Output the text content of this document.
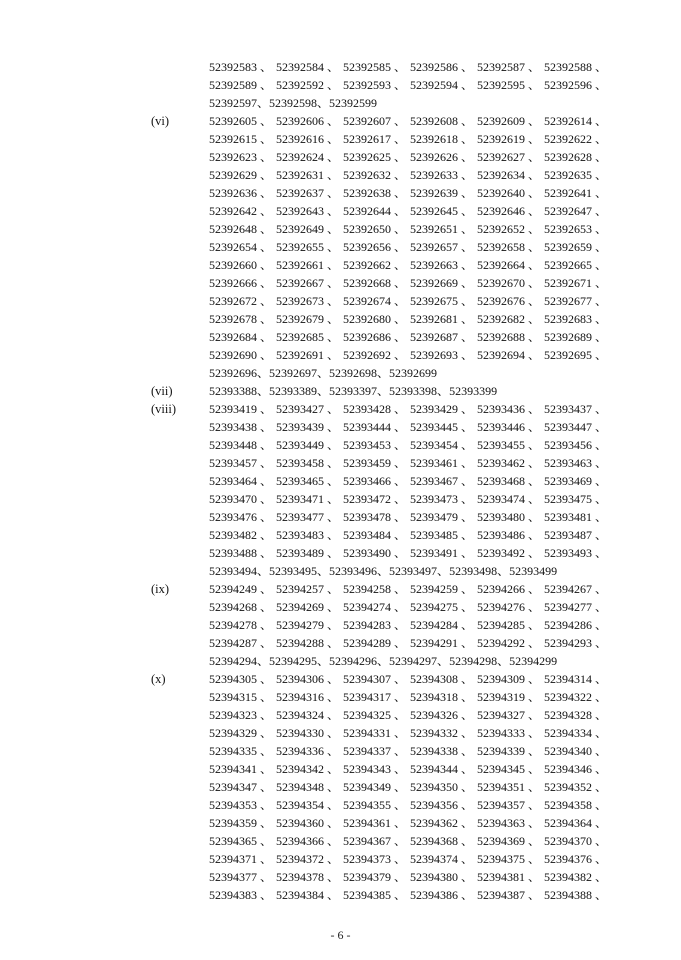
52392583 、 52392584 、 52392585 、 52392586 、 52392587 、 52392588 、
52392589 、 52392592 、 52392593 、 52392594 、 52392595 、 52392596 、
52392597、52392598、52392599
(vi)	52392605 、 52392606 、 52392607 、 52392608 、 52392609 、 52392614 、
52392615 、 52392616 、 52392617 、 52392618 、 52392619 、 52392622 、
52392623 、 52392624 、 52392625 、 52392626 、 52392627 、 52392628 、
52392629 、 52392631 、 52392632 、 52392633 、 52392634 、 52392635 、
52392636 、 52392637 、 52392638 、 52392639 、 52392640 、 52392641 、
52392642 、 52392643 、 52392644 、 52392645 、 52392646 、 52392647 、
52392648 、 52392649 、 52392650 、 52392651 、 52392652 、 52392653 、
52392654 、 52392655 、 52392656 、 52392657 、 52392658 、 52392659 、
52392660 、 52392661 、 52392662 、 52392663 、 52392664 、 52392665 、
52392666 、 52392667 、 52392668 、 52392669 、 52392670 、 52392671 、
52392672 、 52392673 、 52392674 、 52392675 、 52392676 、 52392677 、
52392678 、 52392679 、 52392680 、 52392681 、 52392682 、 52392683 、
52392684 、 52392685 、 52392686 、 52392687 、 52392688 、 52392689 、
52392690 、 52392691 、 52392692 、 52392693 、 52392694 、 52392695 、
52392696、52392697、52392698、52392699
(vii)	52393388、52393389、52393397、52393398、52393399
(viii)	52393419 、 52393427 、 52393428 、 52393429 、 52393436 、 52393437 、
52393438 、 52393439 、 52393444 、 52393445 、 52393446 、 52393447 、
52393448 、 52393449 、 52393453 、 52393454 、 52393455 、 52393456 、
52393457 、 52393458 、 52393459 、 52393461 、 52393462 、 52393463 、
52393464 、 52393465 、 52393466 、 52393467 、 52393468 、 52393469 、
52393470 、 52393471 、 52393472 、 52393473 、 52393474 、 52393475 、
52393476 、 52393477 、 52393478 、 52393479 、 52393480 、 52393481 、
52393482 、 52393483 、 52393484 、 52393485 、 52393486 、 52393487 、
52393488 、 52393489 、 52393490 、 52393491 、 52393492 、 52393493 、
52393494、52393495、52393496、52393497、52393498、52393499
(ix)	52394249 、 52394257 、 52394258 、 52394259 、 52394266 、 52394267 、
52394268 、 52394269 、 52394274 、 52394275 、 52394276 、 52394277 、
52394278 、 52394279 、 52394283 、 52394284 、 52394285 、 52394286 、
52394287 、 52394288 、 52394289 、 52394291 、 52394292 、 52394293 、
52394294、52394295、52394296、52394297、52394298、52394299
(x)	52394305 、 52394306 、 52394307 、 52394308 、 52394309 、 52394314 、
52394315 、 52394316 、 52394317 、 52394318 、 52394319 、 52394322 、
52394323 、 52394324 、 52394325 、 52394326 、 52394327 、 52394328 、
52394329 、 52394330 、 52394331 、 52394332 、 52394333 、 52394334 、
52394335 、 52394336 、 52394337 、 52394338 、 52394339 、 52394340 、
52394341 、 52394342 、 52394343 、 52394344 、 52394345 、 52394346 、
52394347 、 52394348 、 52394349 、 52394350 、 52394351 、 52394352 、
52394353 、 52394354 、 52394355 、 52394356 、 52394357 、 52394358 、
52394359 、 52394360 、 52394361 、 52394362 、 52394363 、 52394364 、
52394365 、 52394366 、 52394367 、 52394368 、 52394369 、 52394370 、
52394371 、 52394372 、 52394373 、 52394374 、 52394375 、 52394376 、
52394377 、 52394378 、 52394379 、 52394380 、 52394381 、 52394382 、
52394383 、 52394384 、 52394385 、 52394386 、 52394387 、 52394388 、
- 6 -
